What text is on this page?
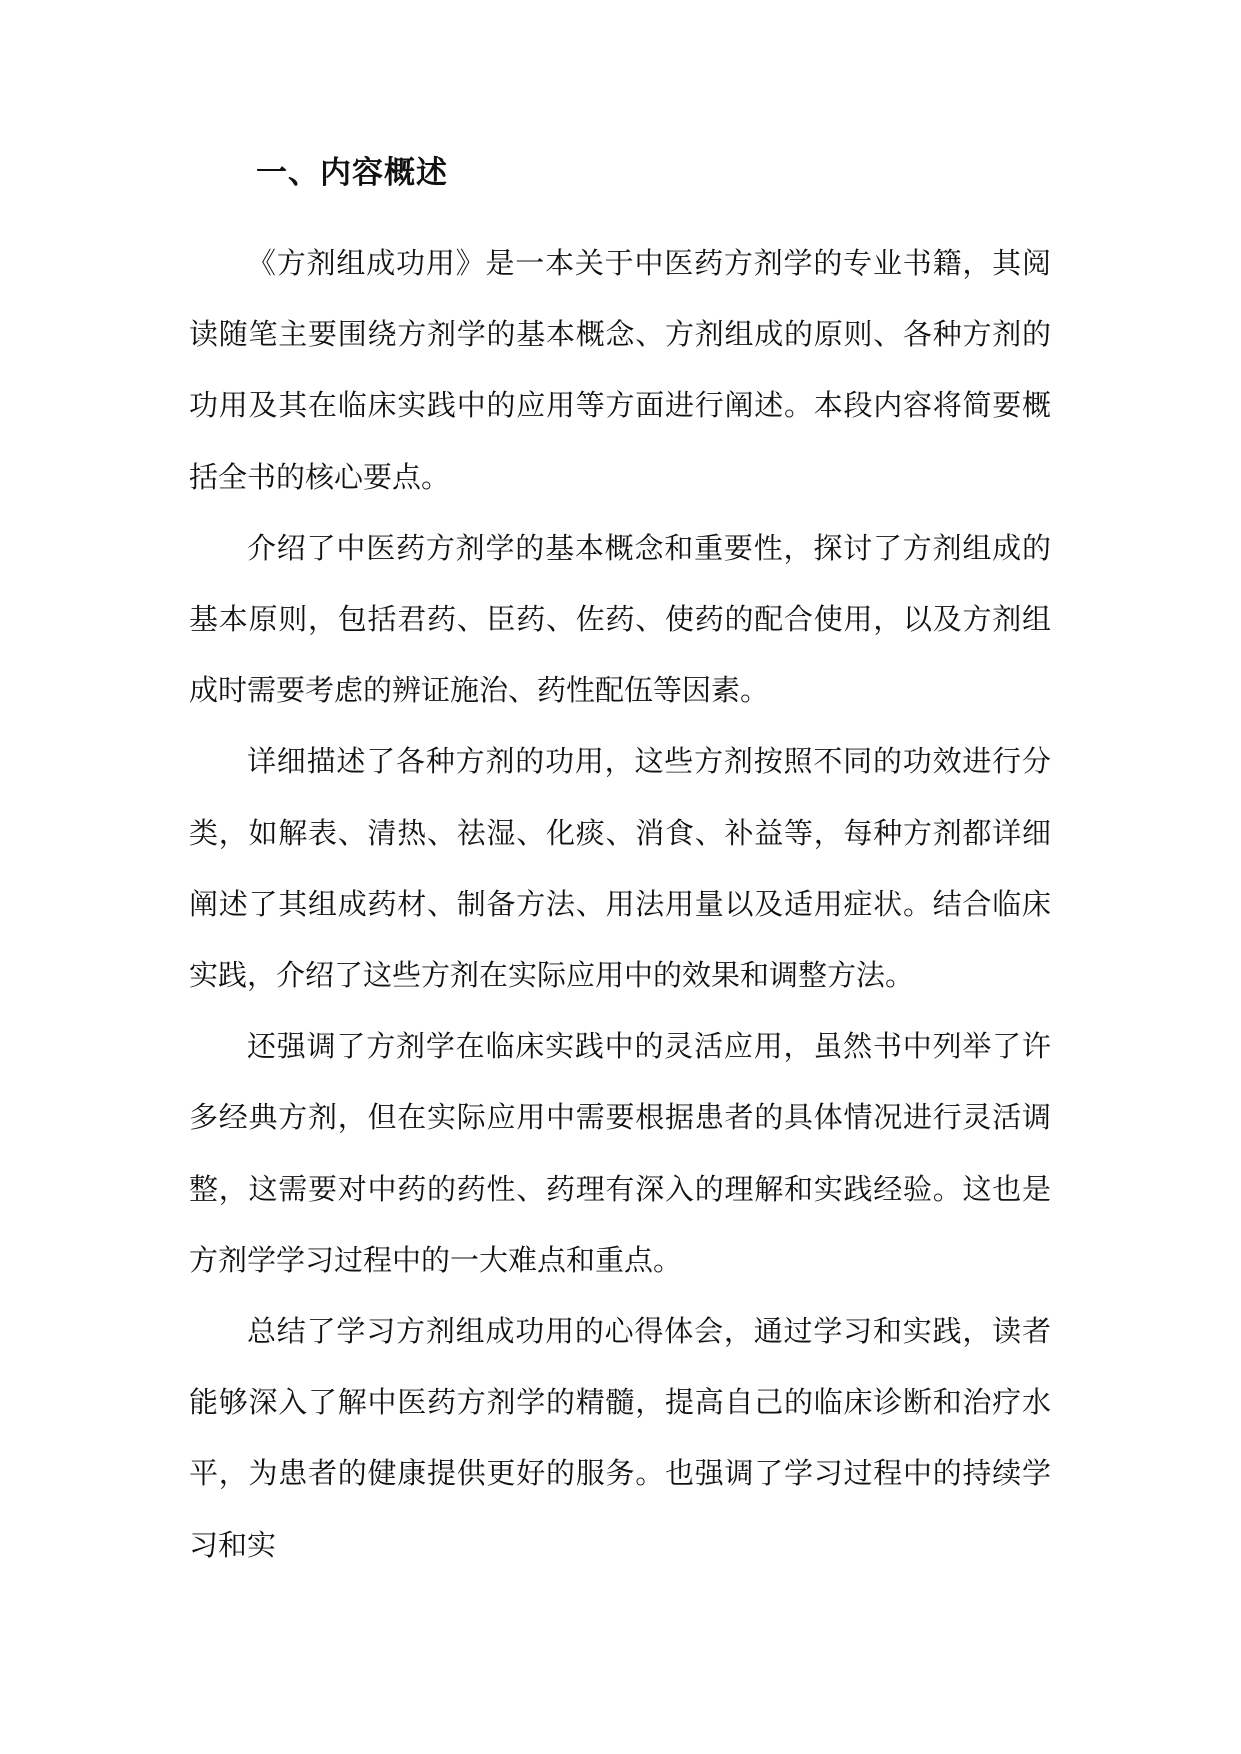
一、内容概述

《方剂组成功用》是一本关于中医药方剂学的专业书籍，其阅读随笔主要围绕方剂学的基本概念、方剂组成的原则、各种方剂的功用及其在临床实践中的应用等方面进行阐述。本段内容将简要概括全书的核心要点。

介绍了中医药方剂学的基本概念和重要性，探讨了方剂组成的基本原则，包括君药、臣药、佐药、使药的配合使用，以及方剂组成时需要考虑的辨证施治、药性配伍等因素。

详细描述了各种方剂的功用，这些方剂按照不同的功效进行分类，如解表、清热、祛湿、化痰、消食、补益等，每种方剂都详细阐述了其组成药材、制备方法、用法用量以及适用症状。结合临床实践，介绍了这些方剂在实际应用中的效果和调整方法。

还强调了方剂学在临床实践中的灵活应用，虽然书中列举了许多经典方剂，但在实际应用中需要根据患者的具体情况进行灵活调整，这需要对中药的药性、药理有深入的理解和实践经验。这也是方剂学学习过程中的一大难点和重点。

总结了学习方剂组成功用的心得体会，通过学习和实践，读者能够深入了解中医药方剂学的精髓，提高自己的临床诊断和治疗水平，为患者的健康提供更好的服务。也强调了学习过程中的持续学习和实
